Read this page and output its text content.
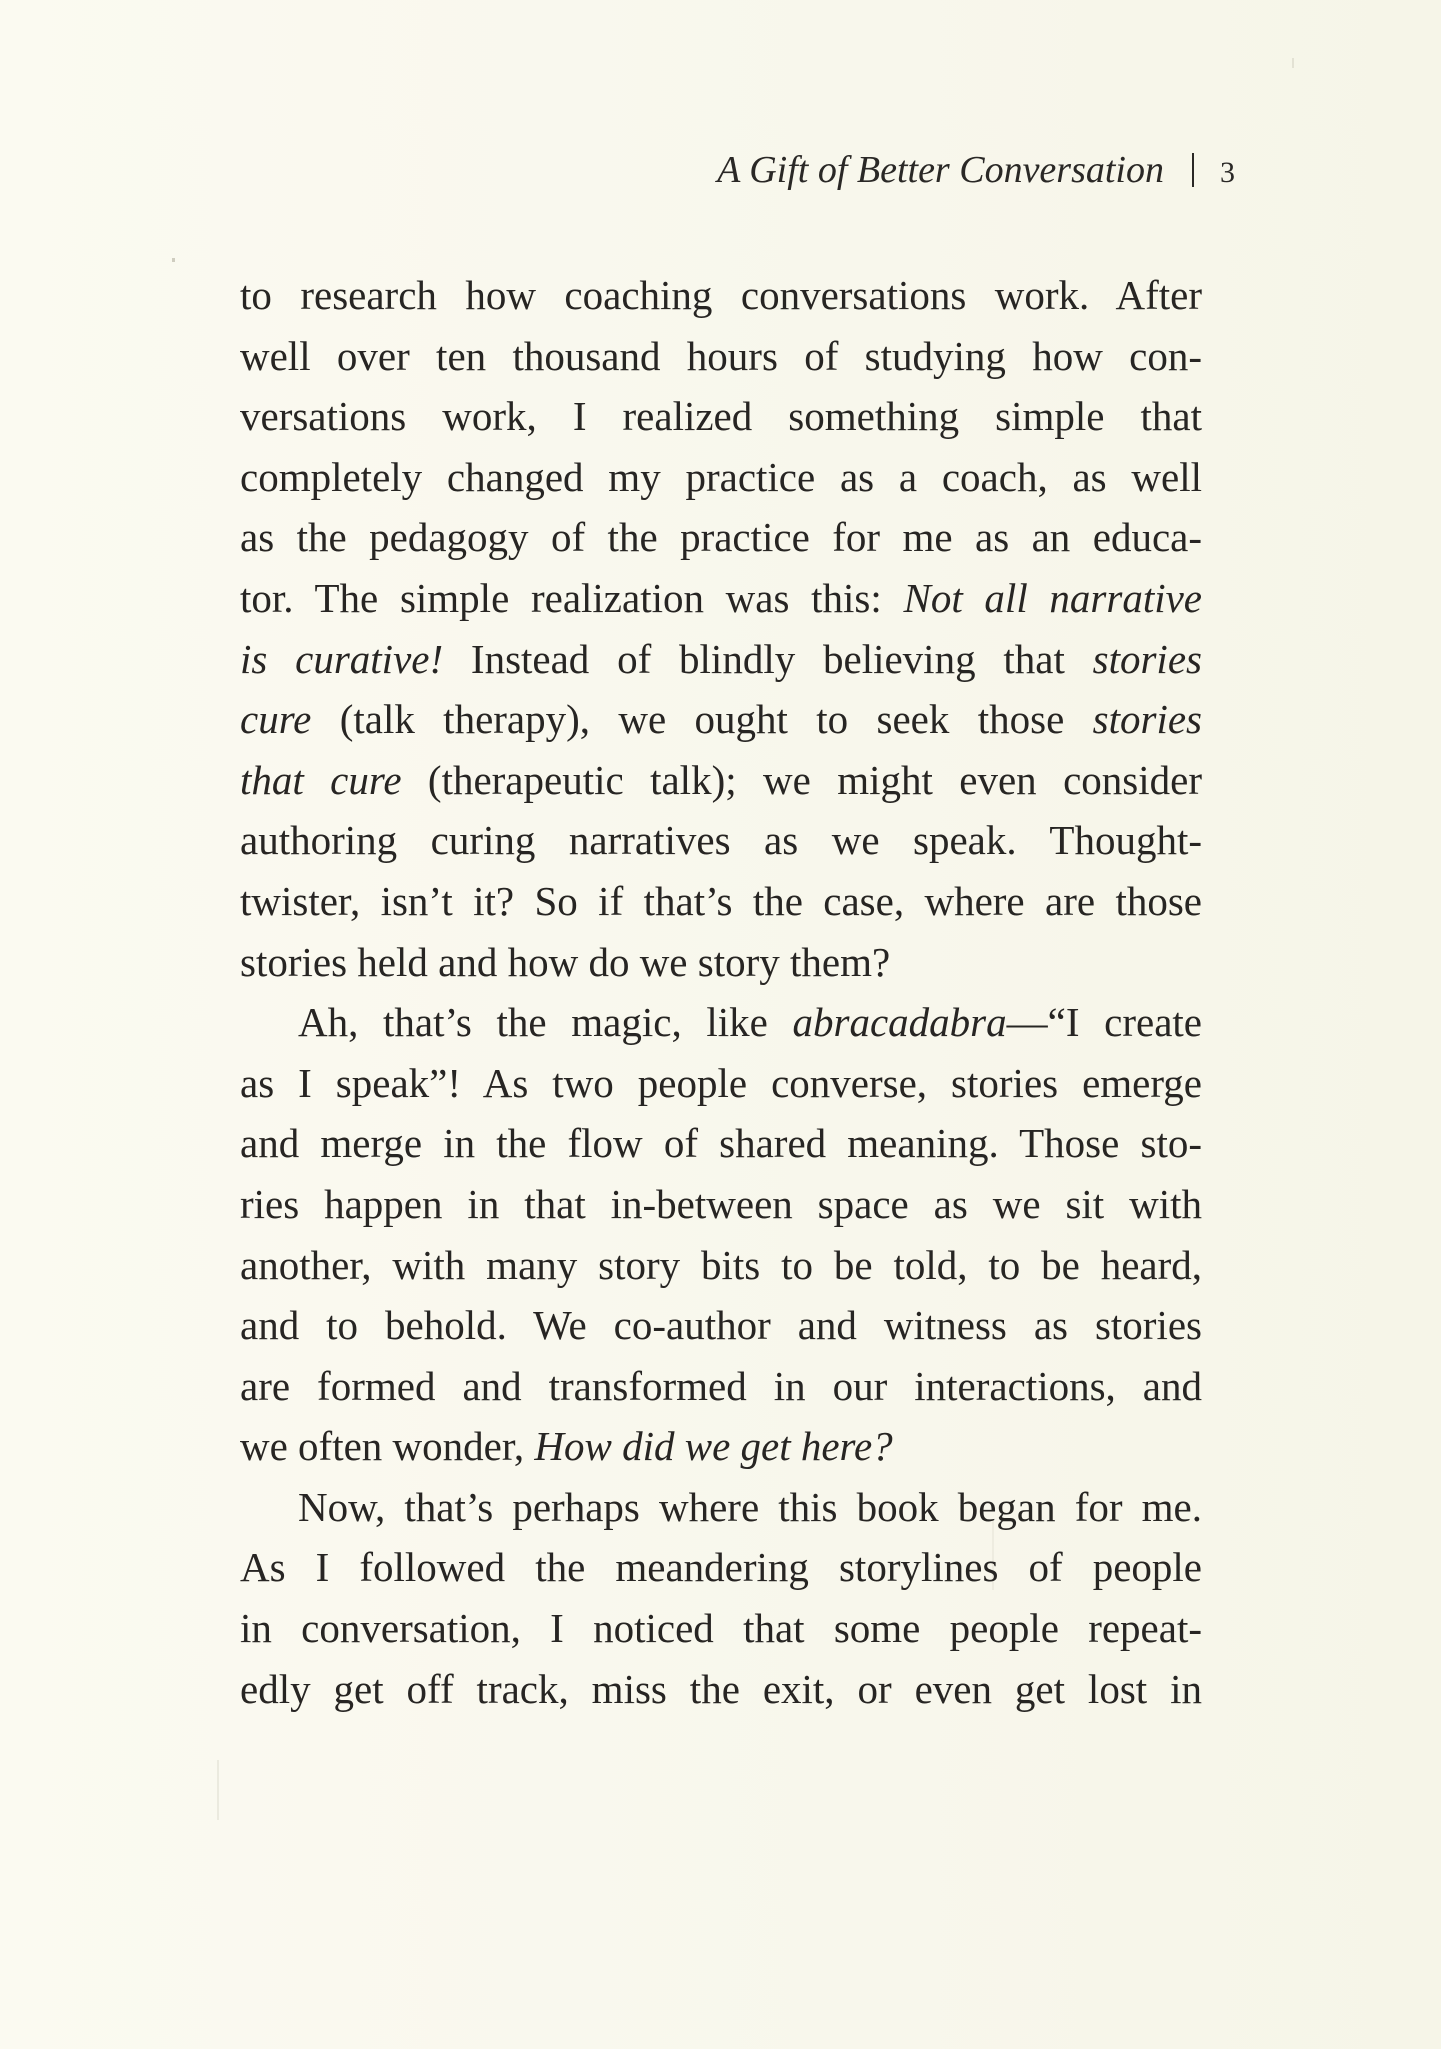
A Gift of Better Conversation 3
to research how coaching conversations work. After
well over ten thousand hours of studying how con-
versations work, I realized something simple that
completely changed my practice as a coach, as well
as the pedagogy of the practice for me as an educa-
tor. The simple realization was this: Not all narrative
is curative! Instead of blindly believing that stories
cure (talk therapy), we ought to seek those stories
that cure (therapeutic talk); we might even consider
authoring curing narratives as we speak. Thought-
twister, isn’t it? So if that’s the case, where are those
stories held and how do we story them?
Ah, that’s the magic, like abracadabra—“I create
as I speak”! As two people converse, stories emerge
and merge in the flow of shared meaning. Those sto-
ries happen in that in-between space as we sit with
another, with many story bits to be told, to be heard,
and to behold. We co-author and witness as stories
are formed and transformed in our interactions, and
we often wonder, How did we get here?
Now, that’s perhaps where this book began for me.
As I followed the meandering storylines of people
in conversation, I noticed that some people repeat-
edly get off track, miss the exit, or even get lost in
